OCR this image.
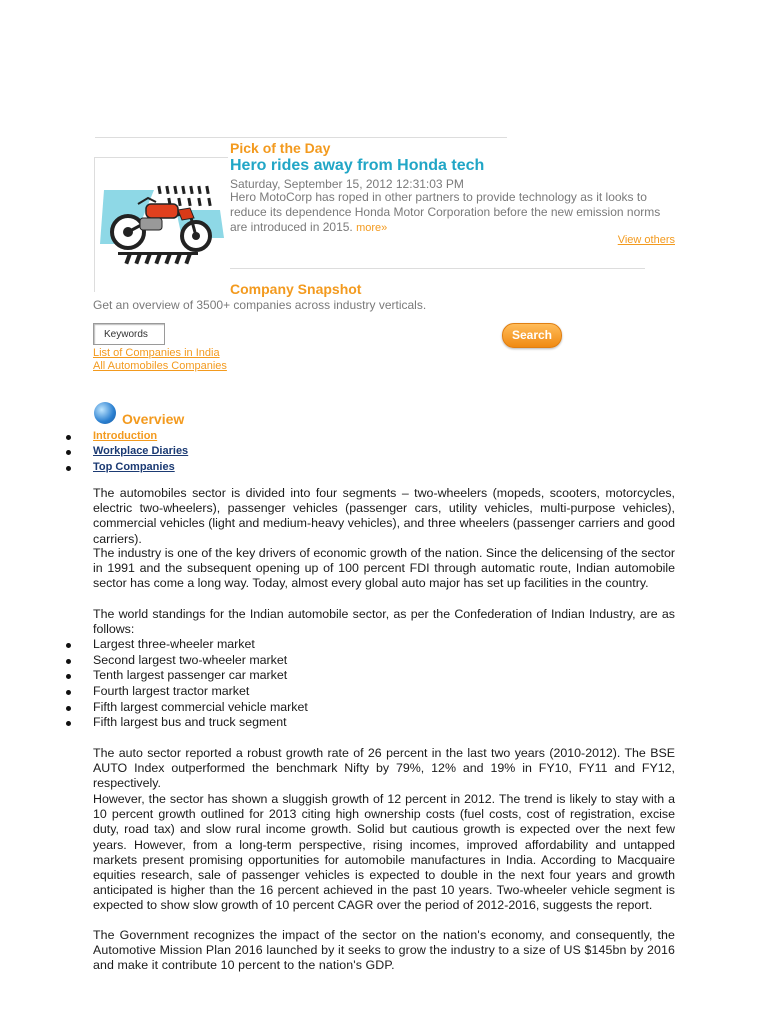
Pick of the Day
Hero rides away from Honda tech
Saturday, September 15, 2012 12:31:03 PM
Hero MotoCorp has roped in other partners to provide technology as it looks to reduce its dependence Honda Motor Corporation before the new emission norms are introduced in 2015. more»
View others
Company Snapshot
Get an overview of 3500+ companies across industry verticals.
Keywords
Search
List of Companies in India
All Automobiles Companies
Overview
Introduction
Workplace Diaries
Top Companies
The automobiles sector is divided into four segments – two-wheelers (mopeds, scooters, motorcycles, electric two-wheelers), passenger vehicles (passenger cars, utility vehicles, multi-purpose vehicles), commercial vehicles (light and medium-heavy vehicles), and three wheelers (passenger carriers and good carriers).
The industry is one of the key drivers of economic growth of the nation. Since the delicensing of the sector in 1991 and the subsequent opening up of 100 percent FDI through automatic route, Indian automobile sector has come a long way. Today, almost every global auto major has set up facilities in the country.
The world standings for the Indian automobile sector, as per the Confederation of Indian Industry, are as follows:
Largest three-wheeler market
Second largest two-wheeler market
Tenth largest passenger car market
Fourth largest tractor market
Fifth largest commercial vehicle market
Fifth largest bus and truck segment
The auto sector reported a robust growth rate of 26 percent in the last two years (2010-2012). The BSE AUTO Index outperformed the benchmark Nifty by 79%, 12% and 19% in FY10, FY11 and FY12, respectively.
However, the sector has shown a sluggish growth of 12 percent in 2012. The trend is likely to stay with a 10 percent growth outlined for 2013 citing high ownership costs (fuel costs, cost of registration, excise duty, road tax) and slow rural income growth. Solid but cautious growth is expected over the next few years. However, from a long-term perspective, rising incomes, improved affordability and untapped markets present promising opportunities for automobile manufactures in India. According to Macquaire equities research, sale of passenger vehicles is expected to double in the next four years and growth anticipated is higher than the 16 percent achieved in the past 10 years. Two-wheeler vehicle segment is expected to show slow growth of 10 percent CAGR over the period of 2012-2016, suggests the report.
The Government recognizes the impact of the sector on the nation's economy, and consequently, the Automotive Mission Plan 2016 launched by it seeks to grow the industry to a size of US $145bn by 2016 and make it contribute 10 percent to the nation's GDP.
